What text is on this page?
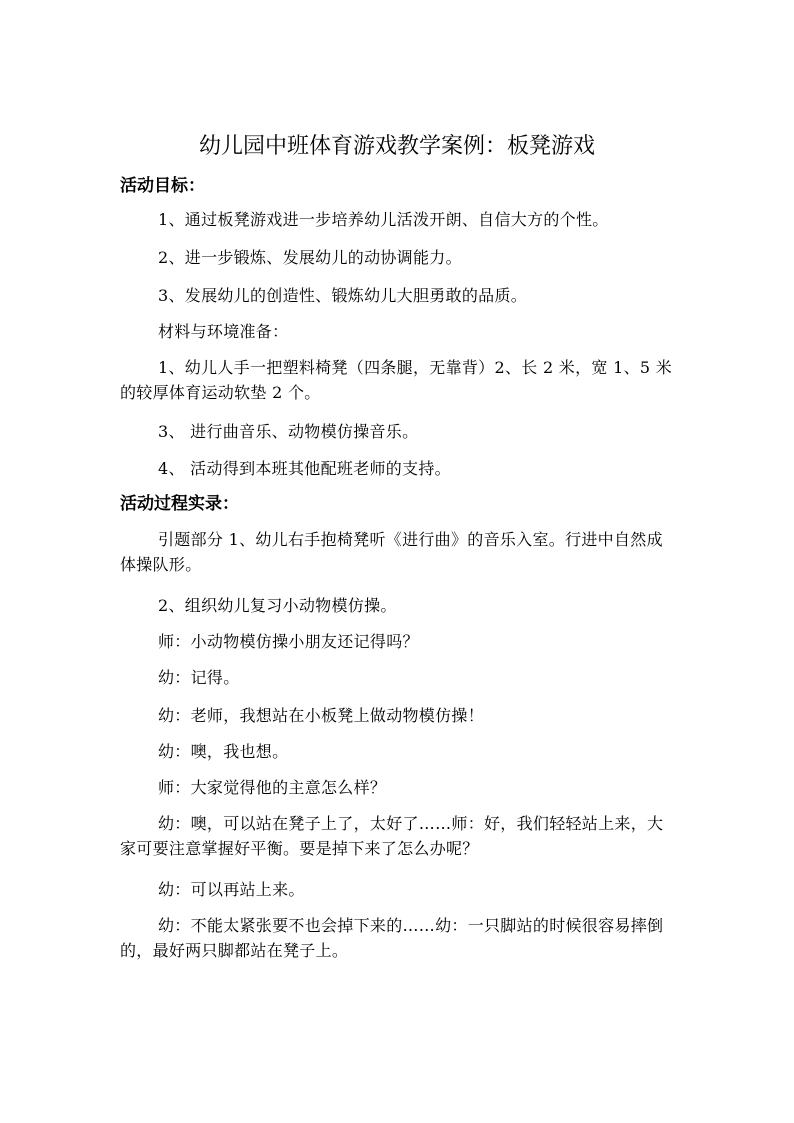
幼儿园中班体育游戏教学案例：板凳游戏
活动目标：
1、通过板凳游戏进一步培养幼儿活泼开朗、自信大方的个性。
2、进一步锻炼、发展幼儿的动协调能力。
3、发展幼儿的创造性、锻炼幼儿大胆勇敢的品质。
材料与环境准备：
1、幼儿人手一把塑料椅凳（四条腿，无靠背）2、长 2 米，宽 1、5 米的较厚体育运动软垫 2 个。
3、 进行曲音乐、动物模仿操音乐。
4、 活动得到本班其他配班老师的支持。
活动过程实录：
引题部分 1、幼儿右手抱椅凳听《进行曲》的音乐入室。行进中自然成体操队形。
2、组织幼儿复习小动物模仿操。
师：小动物模仿操小朋友还记得吗？
幼：记得。
幼：老师，我想站在小板凳上做动物模仿操！
幼：噢，我也想。
师：大家觉得他的主意怎么样？
幼：噢，可以站在凳子上了，太好了……师：好，我们轻轻站上来，大家可要注意掌握好平衡。要是掉下来了怎么办呢？
幼：可以再站上来。
幼：不能太紧张要不也会掉下来的……幼：一只脚站的时候很容易摔倒的，最好两只脚都站在凳子上。
